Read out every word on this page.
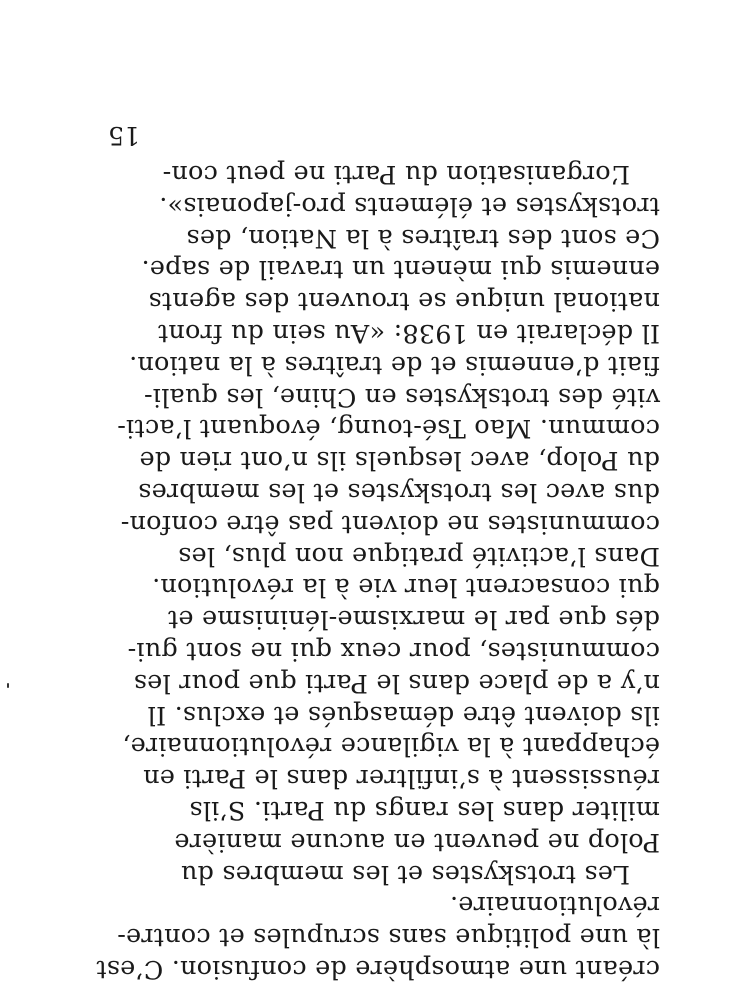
créant une atmosphère de confusion. C’est
là une politique sans scrupules et contre-
révolutionnaire.
Les trotskystes et les membres du
Polop ne peuvent en aucune manière
militer dans les rangs du Parti. S’ils
réussissent à s’infiltrer dans le Parti en
échappant à la vigilance révolutionnaire,
ils doivent être démasqués et exclus. Il
n’y a de place dans le Parti que pour les
communistes, pour ceux qui ne sont gui-
dés que par le marxisme-léninisme et
qui consacrent leur vie à la révolution.
Dans l’activité pratique non plus, les
communistes ne doivent pas être confon-
dus avec les trotskystes et les membres
du Polop, avec lesquels ils n’ont rien de
commun. Mao Tsé-toung, évoquant l’acti-
vité des trotskystes en Chine, les quali-
fiait d’ennemis et de traîtres à la nation.
Il déclarait en 1938: «Au sein du front
national unique se trouvent des agents
ennemis qui mènent un travail de sape.
Ce sont des traîtres à la Nation, des
trotskystes et éléments pro-japonais».
L’organisation du Parti ne peut con-
15
